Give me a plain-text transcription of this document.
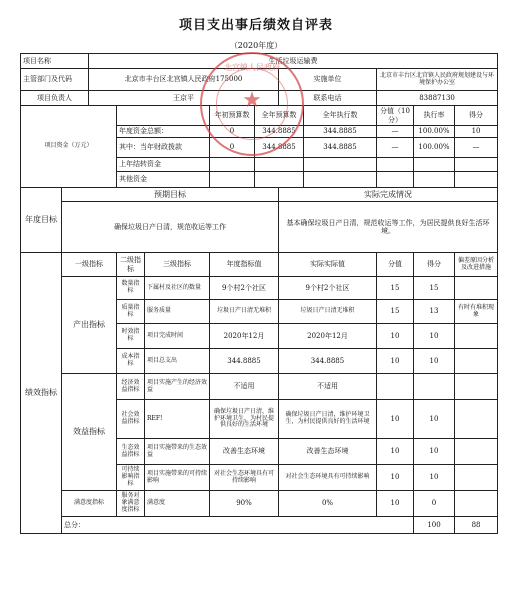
项目支出事后绩效自评表
（2020年度）
项目名称		生活垃圾运输费										
主管部门及代码		北京市丰台区北宫镇人民政府175000					实施单位		北京市丰台区北宫镇人民政府规划建设与环境保护办公室			
项目负责人		王京平					联系电话		83887130			
项目资金（万元）					年初预算数	全年预算数		全年执行数	分值（10分）	执行率	得分	
			年度资金总额：		0	344.8885		344.8885	—	100.00%	10	
			其中：当年财政拨款		0	344.8885		344.8885	—	100.00%	—	
			上年结转资金									
			其他资金									
年度目标	预期目标						实际完成情况					
	确保垃圾日产日清，规范收运等工作						基本确保垃圾日产日清，规范收运等工作，为居民提供良好生活环境。					
绩效指标	一级指标		二级指标	三级指标	年度指标值		实际实际值		分值	得分	偏差原因分析及改进措施	
	产出指标		数量指标	下属村及社区的数量	9个村2个社区		9个村2个社区		15	15		
			质量指标	服务质量	垃圾日产日清无堆积		垃圾日产日清无堆积		15	13	有时有堆积现象	
			时效指标	项目完成时间	2020年12月		2020年12月		10	10		
			成本指标	项目总支出	344.8885		344.8885		10	10		
	效益指标		经济效益指标	项目实施产生的经济效益	不适用		不适用					
			社会效益指标	REF!	确保垃圾日产日清，维护环境卫生，为村民提供良好的生活环境		确保垃圾日产日清，维护环境卫生，为村民提供良好的生活环境		10	10		
			生态效益指标	项目实施带来的生态效益	改善生态环境		改善生态环境		10	10		
			可持续影响指标	项目实施带来的可持续影响	对社会生态环境具有可持续影响		对社会生态环境具有可持续影响		10	10		
	满意度指标		服务对象满意度指标	满意度	90%		0%		10	0		
	总分：									100	88	
北宫镇人民政府
★
